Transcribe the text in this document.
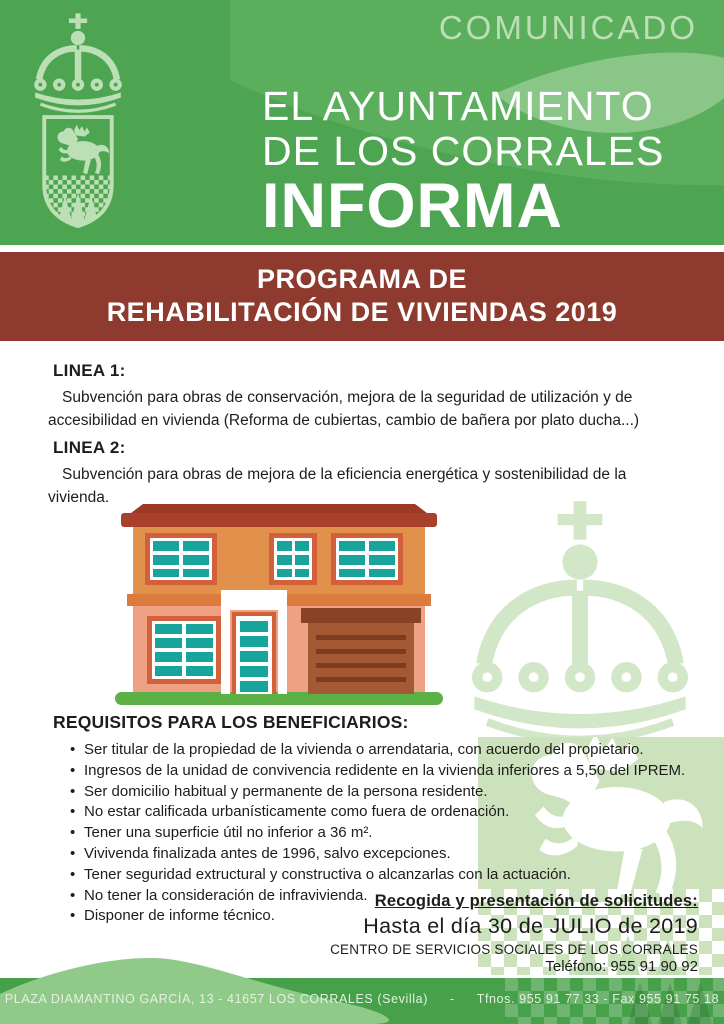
COMUNICADO
EL AYUNTAMIENTO
DE LOS CORRALES
INFORMA
PROGRAMA DE
REHABILITACIÓN DE VIVIENDAS 2019
LINEA 1:
Subvención para obras de conservación, mejora de la seguridad de utilización y de accesibilidad en vivienda (Reforma de cubiertas, cambio de bañera por plato ducha...)
LINEA 2:
Subvención para obras de mejora de la eficiencia energética y sostenibilidad de la vivienda.
REQUISITOS PARA LOS BENEFICIARIOS:
• Ser titular de la propiedad de la vivienda o arrendataria, con acuerdo del propietario.
• Ingresos de la unidad de convivencia redidente en la vivienda inferiores a 5,50 del IPREM.
• Ser domicilio habitual y permanente de la persona residente.
• No estar calificada urbanísticamente como fuera de ordenación.
• Tener una superficie útil no inferior a 36 m².
• Vivivenda finalizada antes de 1996, salvo excepciones.
• Tener seguridad extructural y constructiva o alcanzarlas con la actuación.
• No tener la consideración de infravivienda.
• Disponer de informe técnico.
Recogida y presentación de solicitudes:
Hasta el día 30 de JULIO de 2019
CENTRO DE SERVICIOS SOCIALES DE LOS CORRALES
Teléfono: 955 91 90 92
PLAZA DIAMANTINO GARCÍA, 13 - 41657 LOS CORRALES (Sevilla) - Tfnos. 955 91 77 33 - Fax 955 91 75 18
